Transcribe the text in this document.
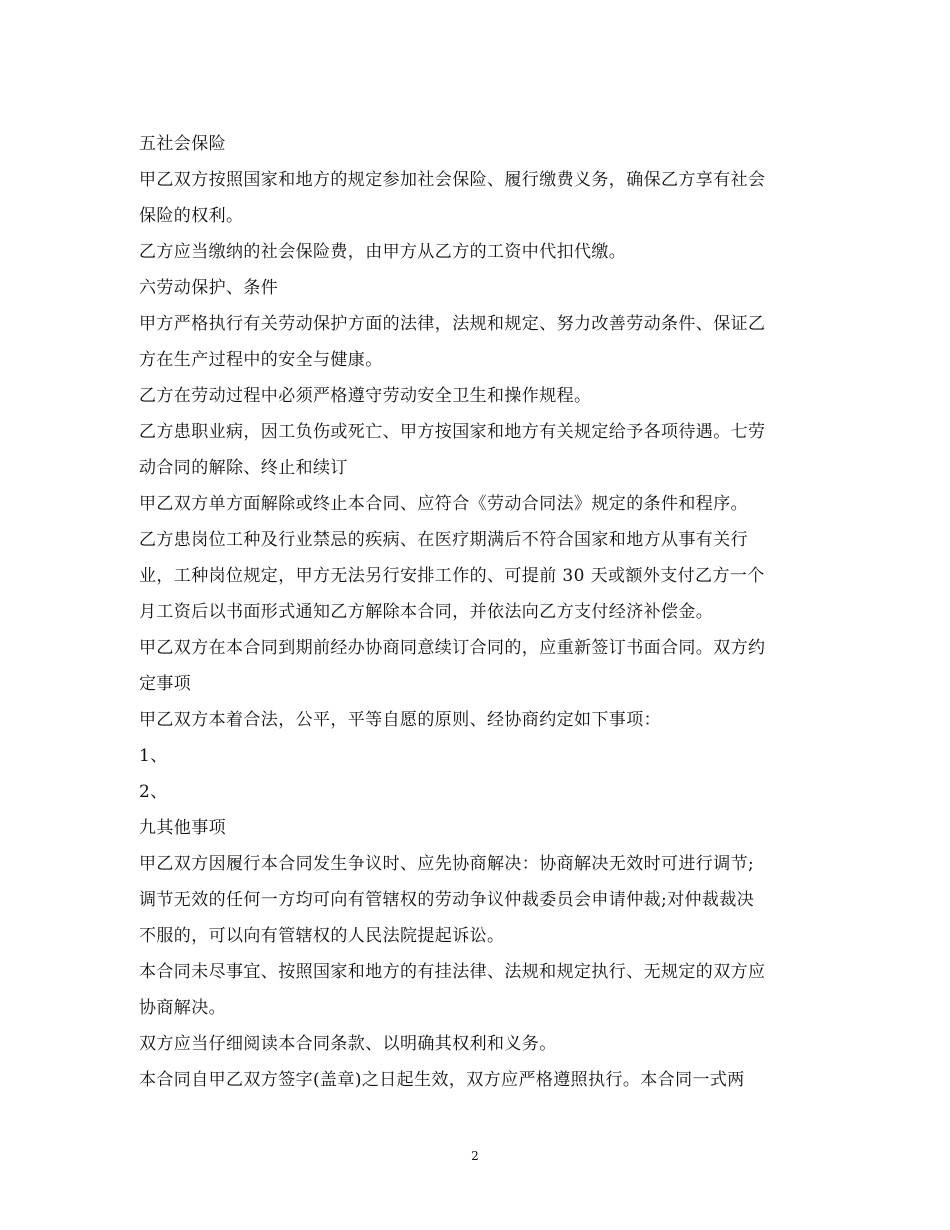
五社会保险
甲乙双方按照国家和地方的规定参加社会保险、履行缴费义务，确保乙方享有社会
保险的权利。
乙方应当缴纳的社会保险费，由甲方从乙方的工资中代扣代缴。
六劳动保护、条件
甲方严格执行有关劳动保护方面的法律，法规和规定、努力改善劳动条件、保证乙
方在生产过程中的安全与健康。
乙方在劳动过程中必须严格遵守劳动安全卫生和操作规程。
乙方患职业病，因工负伤或死亡、甲方按国家和地方有关规定给予各项待遇。七劳
动合同的解除、终止和续订
甲乙双方单方面解除或终止本合同、应符合《劳动合同法》规定的条件和程序。
乙方患岗位工种及行业禁忌的疾病、在医疗期满后不符合国家和地方从事有关行
业，工种岗位规定，甲方无法另行安排工作的、可提前 30 天或额外支付乙方一个
月工资后以书面形式通知乙方解除本合同，并依法向乙方支付经济补偿金。
甲乙双方在本合同到期前经办协商同意续订合同的，应重新签订书面合同。双方约
定事项
甲乙双方本着合法，公平，平等自愿的原则、经协商约定如下事项：
1、
2、
九其他事项
甲乙双方因履行本合同发生争议时、应先协商解决：协商解决无效时可进行调节;
调节无效的任何一方均可向有管辖权的劳动争议仲裁委员会申请仲裁;对仲裁裁决
不服的，可以向有管辖权的人民法院提起诉讼。
本合同未尽事宜、按照国家和地方的有挂法律、法规和规定执行、无规定的双方应
协商解决。
双方应当仔细阅读本合同条款、以明确其权利和义务。
本合同自甲乙双方签字(盖章)之日起生效，双方应严格遵照执行。本合同一式两
2
